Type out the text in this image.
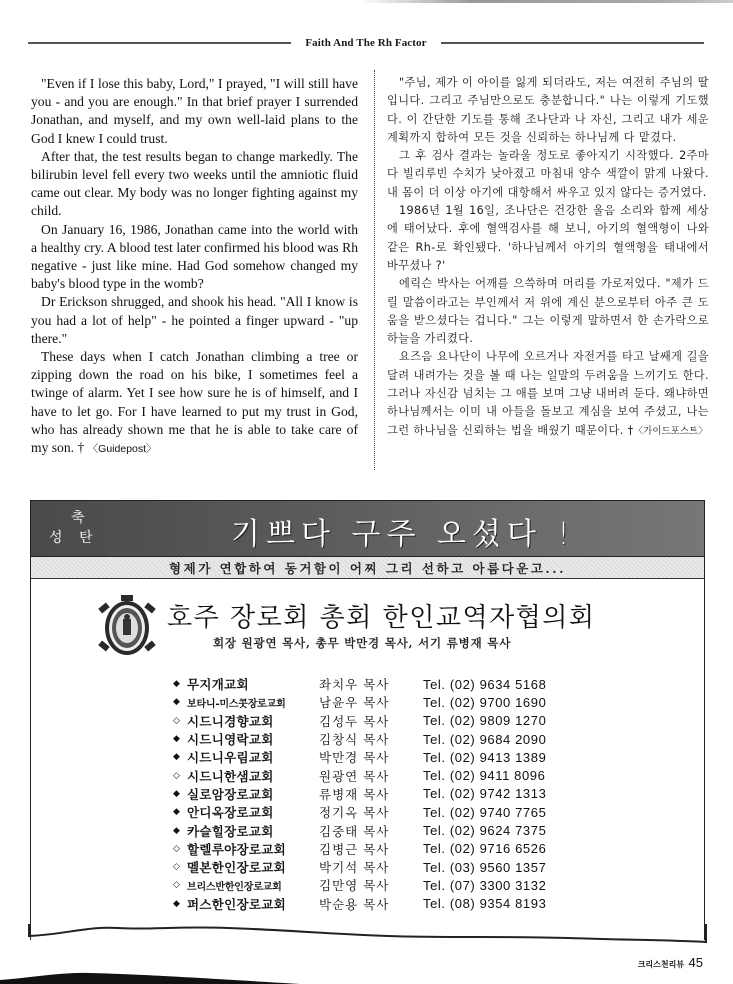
Faith And The Rh Factor

"Even if I lose this baby, Lord," I prayed, "I will still have you - and you are enough." In that brief prayer I surrended Jonathan, and myself, and my own well-laid plans to the God I knew I could trust.

After that, the test results began to change markedly. The bilirubin level fell every two weeks until the amniotic fluid came out clear. My body was no longer fighting against my child.

On January 16, 1986, Jonathan came into the world with a healthy cry. A blood test later confirmed his blood was Rh negative - just like mine. Had God somehow changed my baby's blood type in the womb?

Dr Erickson shrugged, and shook his head. "All I know is you had a lot of help" - he pointed a finger upward - "up there."

These days when I catch Jonathan climbing a tree or zipping down the road on his bike, I sometimes feel a twinge of alarm. Yet I see how sure he is of himself, and I have to let go. For I have learned to put my trust in God, who has already shown me that he is able to take care of my son. † 〈Guidepost〉

"주님, 제가 이 아이를 잃게 되더라도, 저는 여전히 주님의 딸입니다. 그리고 주님만으로도 충분합니다." 나는 이렇게 기도했다. 이 간단한 기도를 통해 조나단과 나 자신, 그리고 내가 세운 계획까지 합하여 모든 것을 신뢰하는 하나님께 다 맡겼다.

그 후 검사 결과는 놀라울 정도로 좋아지기 시작했다. 2주마다 빌리루빈 수치가 낮아졌고 마침내 양수 색깔이 맑게 나왔다. 내 몸이 더 이상 아기에 대항해서 싸우고 있지 않다는 증거였다.

1986년 1월 16일, 조나단은 건강한 울음 소리와 함께 세상에 태어났다. 후에 혈액검사를 해 보니, 아기의 혈액형이 나와 같은 Rh-로 확인됐다. '하나님께서 아기의 혈액형을 태내에서 바꾸셨나 ?'

에릭슨 박사는 어깨를 으쓱하며 머리를 가로저었다. "제가 드릴 말씀이라고는 부인께서 저 위에 계신 분으로부터 아주 큰 도움을 받으셨다는 겁니다." 그는 이렇게 말하면서 한 손가락으로 하늘을 가리켰다.

요즈음 요나단이 나무에 오르거나 자전거를 타고 날쌔게 길을 달려 내려가는 것을 볼 때 나는 일말의 두려움을 느끼기도 한다. 그러나 자신감 넘치는 그 애를 보며 그냥 내버려 둔다. 왜냐하면 하나님께서는 이미 내 아들을 돌보고 계심을 보여 주셨고, 나는 그런 하나님을 신뢰하는 법을 배웠기 때문이다. †〈가이드포스트〉

축
성 탄	기쁘다 구주 오셨다 !
형제가 연합하여 동거함이 어찌 그리 선하고 아름다운고...
호주 장로회 총회 한인교역자협의회
회장 원광연 목사, 총무 박만경 목사, 서기 류병재 목사
◆ 무지개교회	좌치우 목사	Tel. (02) 9634 5168
◆ 보타니-미스콧장로교회	남윤우 목사	Tel. (02) 9700 1690
◇ 시드니경향교회	김성두 목사	Tel. (02) 9809 1270
◆ 시드니영락교회	김창식 목사	Tel. (02) 9684 2090
◆ 시드니우림교회	박만경 목사	Tel. (02) 9413 1389
◇ 시드니한샘교회	원광연 목사	Tel. (02) 9411 8096
◆ 실로암장로교회	류병재 목사	Tel. (02) 9742 1313
◆ 안디옥장로교회	정기옥 목사	Tel. (02) 9740 7765
◆ 카슬힐장로교회	김중태 목사	Tel. (02) 9624 7375
◇ 할렐루야장로교회	김병근 목사	Tel. (02) 9716 6526
◇ 멜본한인장로교회	박기석 목사	Tel. (03) 9560 1357
◇ 브리스반한인장로교회	김만영 목사	Tel. (07) 3300 3132
◆ 퍼스한인장로교회	박순용 목사	Tel. (08) 9354 8193
크리스천리뷰 45
